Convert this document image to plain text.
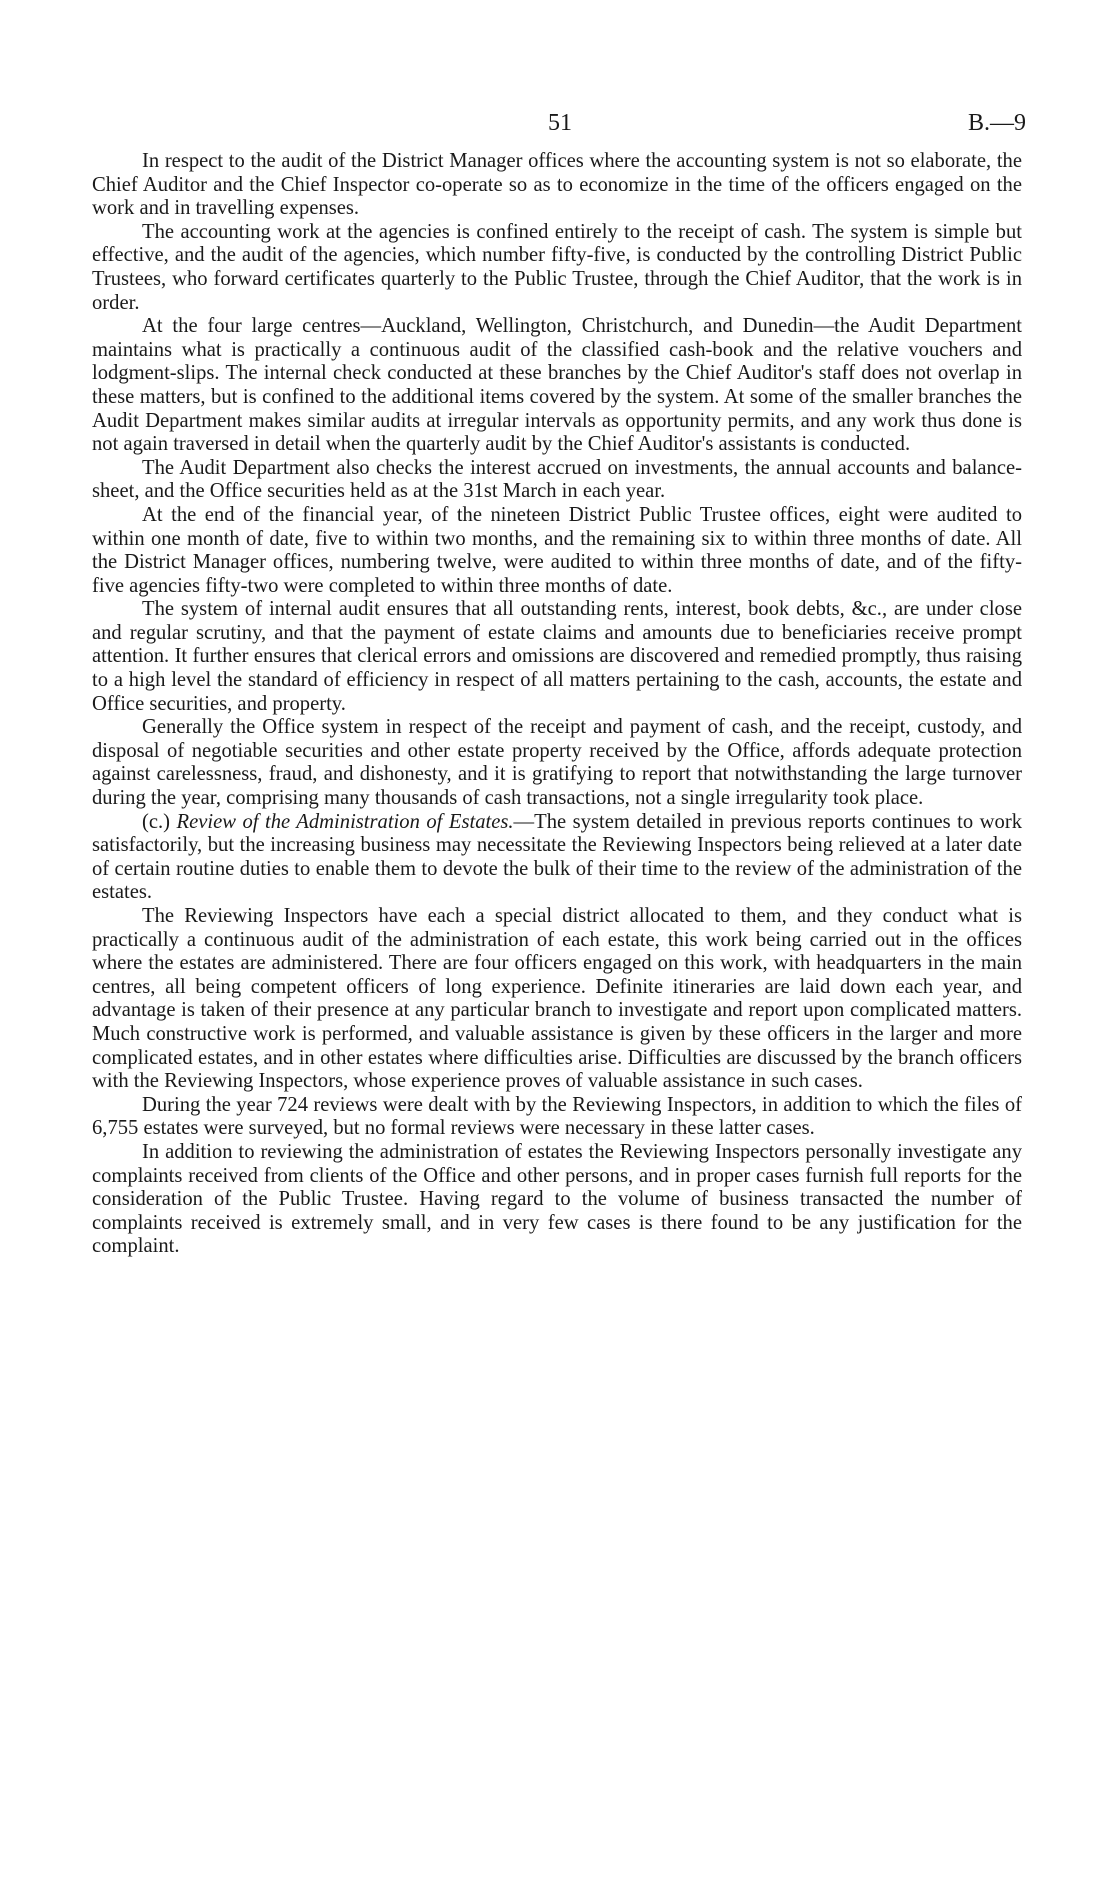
51	B.—9

In respect to the audit of the District Manager offices where the accounting system is not so elaborate, the Chief Auditor and the Chief Inspector co-operate so as to economize in the time of the officers engaged on the work and in travelling expenses.

The accounting work at the agencies is confined entirely to the receipt of cash. The system is simple but effective, and the audit of the agencies, which number fifty-five, is conducted by the controlling District Public Trustees, who forward certificates quarterly to the Public Trustee, through the Chief Auditor, that the work is in order.

At the four large centres—Auckland, Wellington, Christchurch, and Dunedin—the Audit Department maintains what is practically a continuous audit of the classified cash-book and the relative vouchers and lodgment-slips. The internal check conducted at these branches by the Chief Auditor's staff does not overlap in these matters, but is confined to the additional items covered by the system. At some of the smaller branches the Audit Department makes similar audits at irregular intervals as opportunity permits, and any work thus done is not again traversed in detail when the quarterly audit by the Chief Auditor's assistants is conducted.

The Audit Department also checks the interest accrued on investments, the annual accounts and balance-sheet, and the Office securities held as at the 31st March in each year.

At the end of the financial year, of the nineteen District Public Trustee offices, eight were audited to within one month of date, five to within two months, and the remaining six to within three months of date. All the District Manager offices, numbering twelve, were audited to within three months of date, and of the fifty-five agencies fifty-two were completed to within three months of date.

The system of internal audit ensures that all outstanding rents, interest, book debts, &c., are under close and regular scrutiny, and that the payment of estate claims and amounts due to beneficiaries receive prompt attention. It further ensures that clerical errors and omissions are discovered and remedied promptly, thus raising to a high level the standard of efficiency in respect of all matters pertaining to the cash, accounts, the estate and Office securities, and property.

Generally the Office system in respect of the receipt and payment of cash, and the receipt, custody, and disposal of negotiable securities and other estate property received by the Office, affords adequate protection against carelessness, fraud, and dishonesty, and it is gratifying to report that notwithstanding the large turnover during the year, comprising many thousands of cash transactions, not a single irregularity took place.

(c.) Review of the Administration of Estates.—The system detailed in previous reports continues to work satisfactorily, but the increasing business may necessitate the Reviewing Inspectors being relieved at a later date of certain routine duties to enable them to devote the bulk of their time to the review of the administration of the estates.

The Reviewing Inspectors have each a special district allocated to them, and they conduct what is practically a continuous audit of the administration of each estate, this work being carried out in the offices where the estates are administered. There are four officers engaged on this work, with headquarters in the main centres, all being competent officers of long experience. Definite itineraries are laid down each year, and advantage is taken of their presence at any particular branch to investigate and report upon complicated matters. Much constructive work is performed, and valuable assistance is given by these officers in the larger and more complicated estates, and in other estates where difficulties arise. Difficulties are discussed by the branch officers with the Reviewing Inspectors, whose experience proves of valuable assistance in such cases.

During the year 724 reviews were dealt with by the Reviewing Inspectors, in addition to which the files of 6,755 estates were surveyed, but no formal reviews were necessary in these latter cases.

In addition to reviewing the administration of estates the Reviewing Inspectors personally investigate any complaints received from clients of the Office and other persons, and in proper cases furnish full reports for the consideration of the Public Trustee. Having regard to the volume of business transacted the number of complaints received is extremely small, and in very few cases is there found to be any justification for the complaint.
